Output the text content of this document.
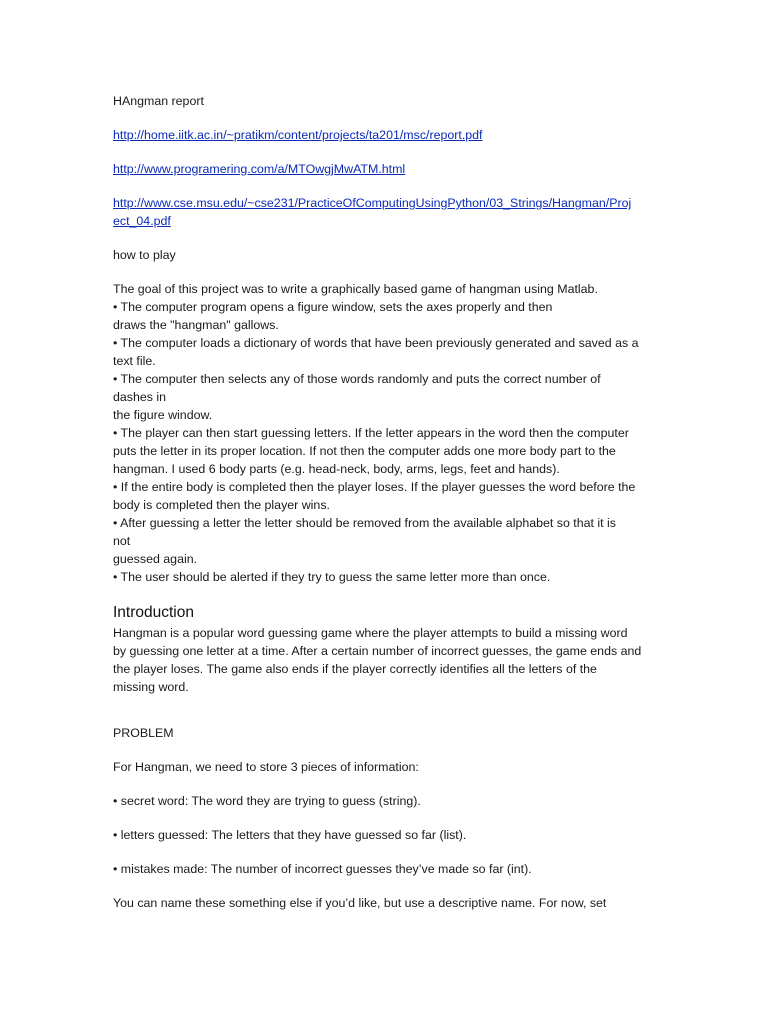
HAngman report

http://home.iitk.ac.in/~pratikm/content/projects/ta201/msc/report.pdf

http://www.programering.com/a/MTOwgjMwATM.html

http://www.cse.msu.edu/~cse231/PracticeOfComputingUsingPython/03_Strings/Hangman/Proj

ect_04.pdf

how to play

The goal of this project was to write a graphically based game of hangman using Matlab.

• The computer program opens a figure window, sets the axes properly and then

draws the "hangman" gallows.

• The computer loads a dictionary of words that have been previously generated and saved as a

text file.

• The computer then selects any of those words randomly and puts the correct number of

dashes in

the figure window.

• The player can then start guessing letters. If the letter appears in the word then the computer

puts the letter in its proper location. If not then the computer adds one more body part to the

hangman. I used 6 body parts (e.g. head-neck, body, arms, legs, feet and hands).

• If the entire body is completed then the player loses. If the player guesses the word before the

body is completed then the player wins.

• After guessing a letter the letter should be removed from the available alphabet so that it is

not

guessed again.

• The user should be alerted if they try to guess the same letter more than once.

Introduction

Hangman is a popular word guessing game where the player attempts to build a missing word

by guessing one letter at a time. After a certain number of incorrect guesses, the game ends and

the player loses. The game also ends if the player correctly identifies all the letters of the

missing word.

PROBLEM

For Hangman, we need to store 3 pieces of information:

• secret word: The word they are trying to guess (string).

• letters guessed: The letters that they have guessed so far (list).

• mistakes made: The number of incorrect guesses they’ve made so far (int).

You can name these something else if you’d like, but use a descriptive name. For now, set
